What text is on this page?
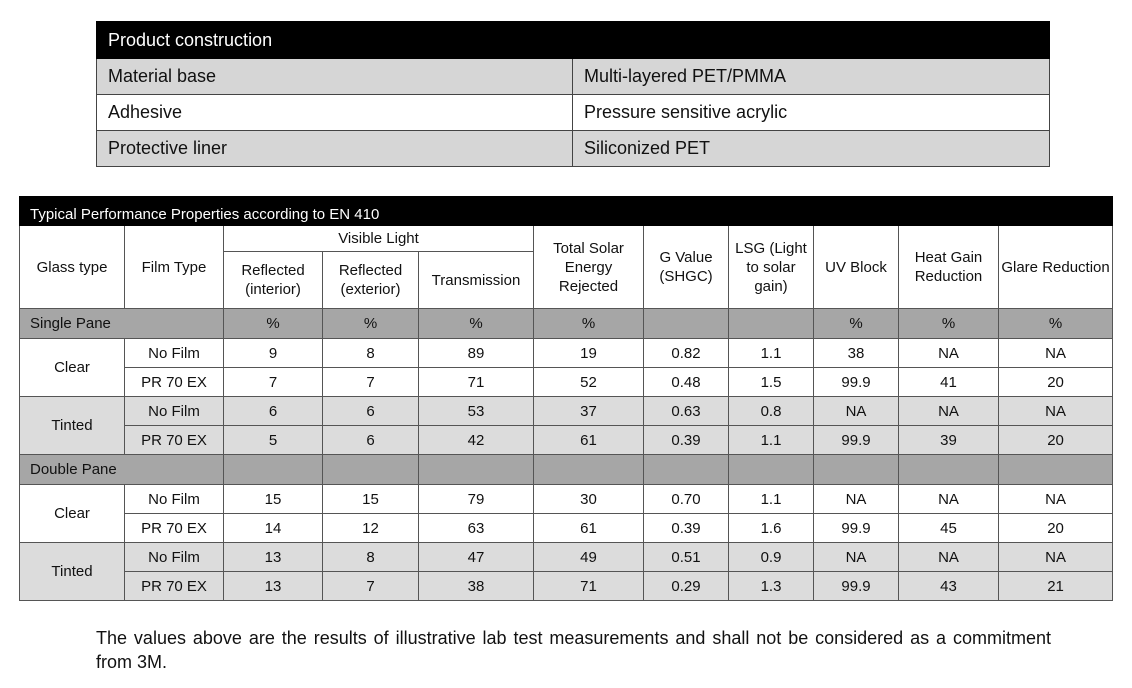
Product construction	
Material base	Multi-layered PET/PMMA
Adhesive	Pressure sensitive acrylic
Protective liner	Siliconized PET
Typical Performance Properties according to EN 410										
Glass type	Film Type	Visible Light			Total Solar Energy Rejected	G Value (SHGC)	LSG (Light to solar gain)	UV Block	Heat Gain Reduction	Glare Reduction
		Reflected (interior)	Reflected (exterior)	Transmission						
Single Pane		%	%	%	%			%	%	%
Clear	No Film	9	8	89	19	0.82	1.1	38	NA	NA
	PR 70 EX	7	7	71	52	0.48	1.5	99.9	41	20
Tinted	No Film	6	6	53	37	0.63	0.8	NA	NA	NA
	PR 70 EX	5	6	42	61	0.39	1.1	99.9	39	20
Double Pane										
Clear	No Film	15	15	79	30	0.70	1.1	NA	NA	NA
	PR 70 EX	14	12	63	61	0.39	1.6	99.9	45	20
Tinted	No Film	13	8	47	49	0.51	0.9	NA	NA	NA
	PR 70 EX	13	7	38	71	0.29	1.3	99.9	43	21
The values above are the results of illustrative lab test measurements and shall not be considered as a commitment from 3M.
